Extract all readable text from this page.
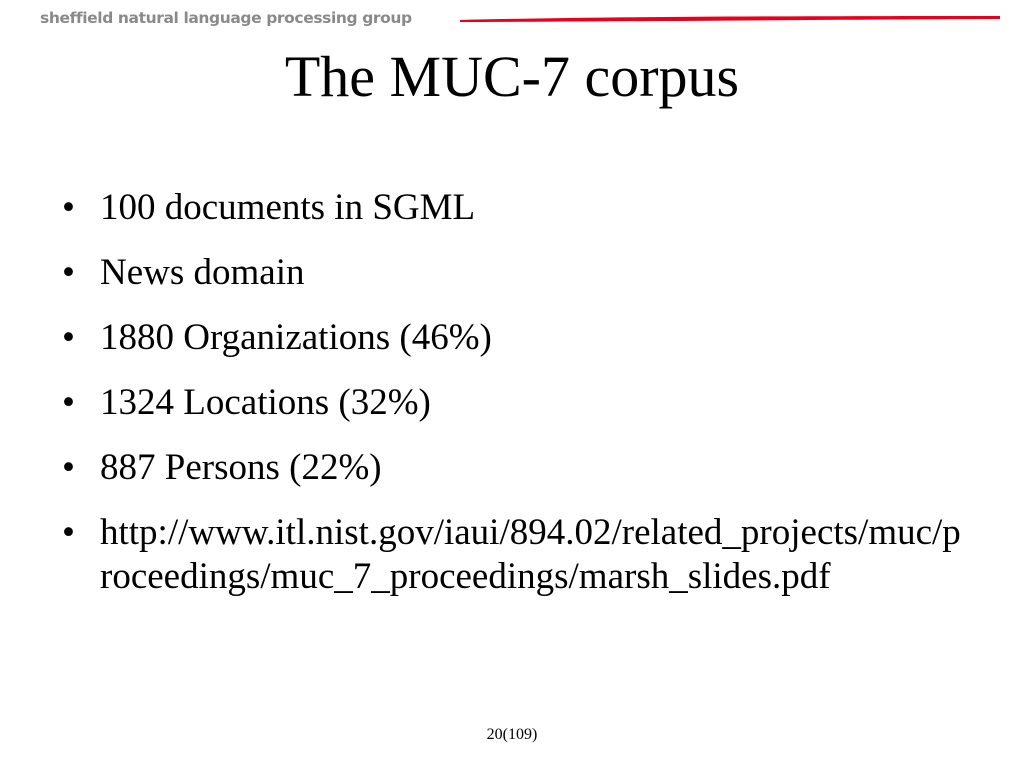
sheffield natural language processing group
The MUC-7 corpus
• 100 documents in SGML
• News domain
• 1880 Organizations (46%)
• 1324 Locations (32%)
• 887 Persons (22%)
• http://www.itl.nist.gov/iaui/894.02/related_projects/muc/proceedings/muc_7_proceedings/marsh_slides.pdf
20(109)
